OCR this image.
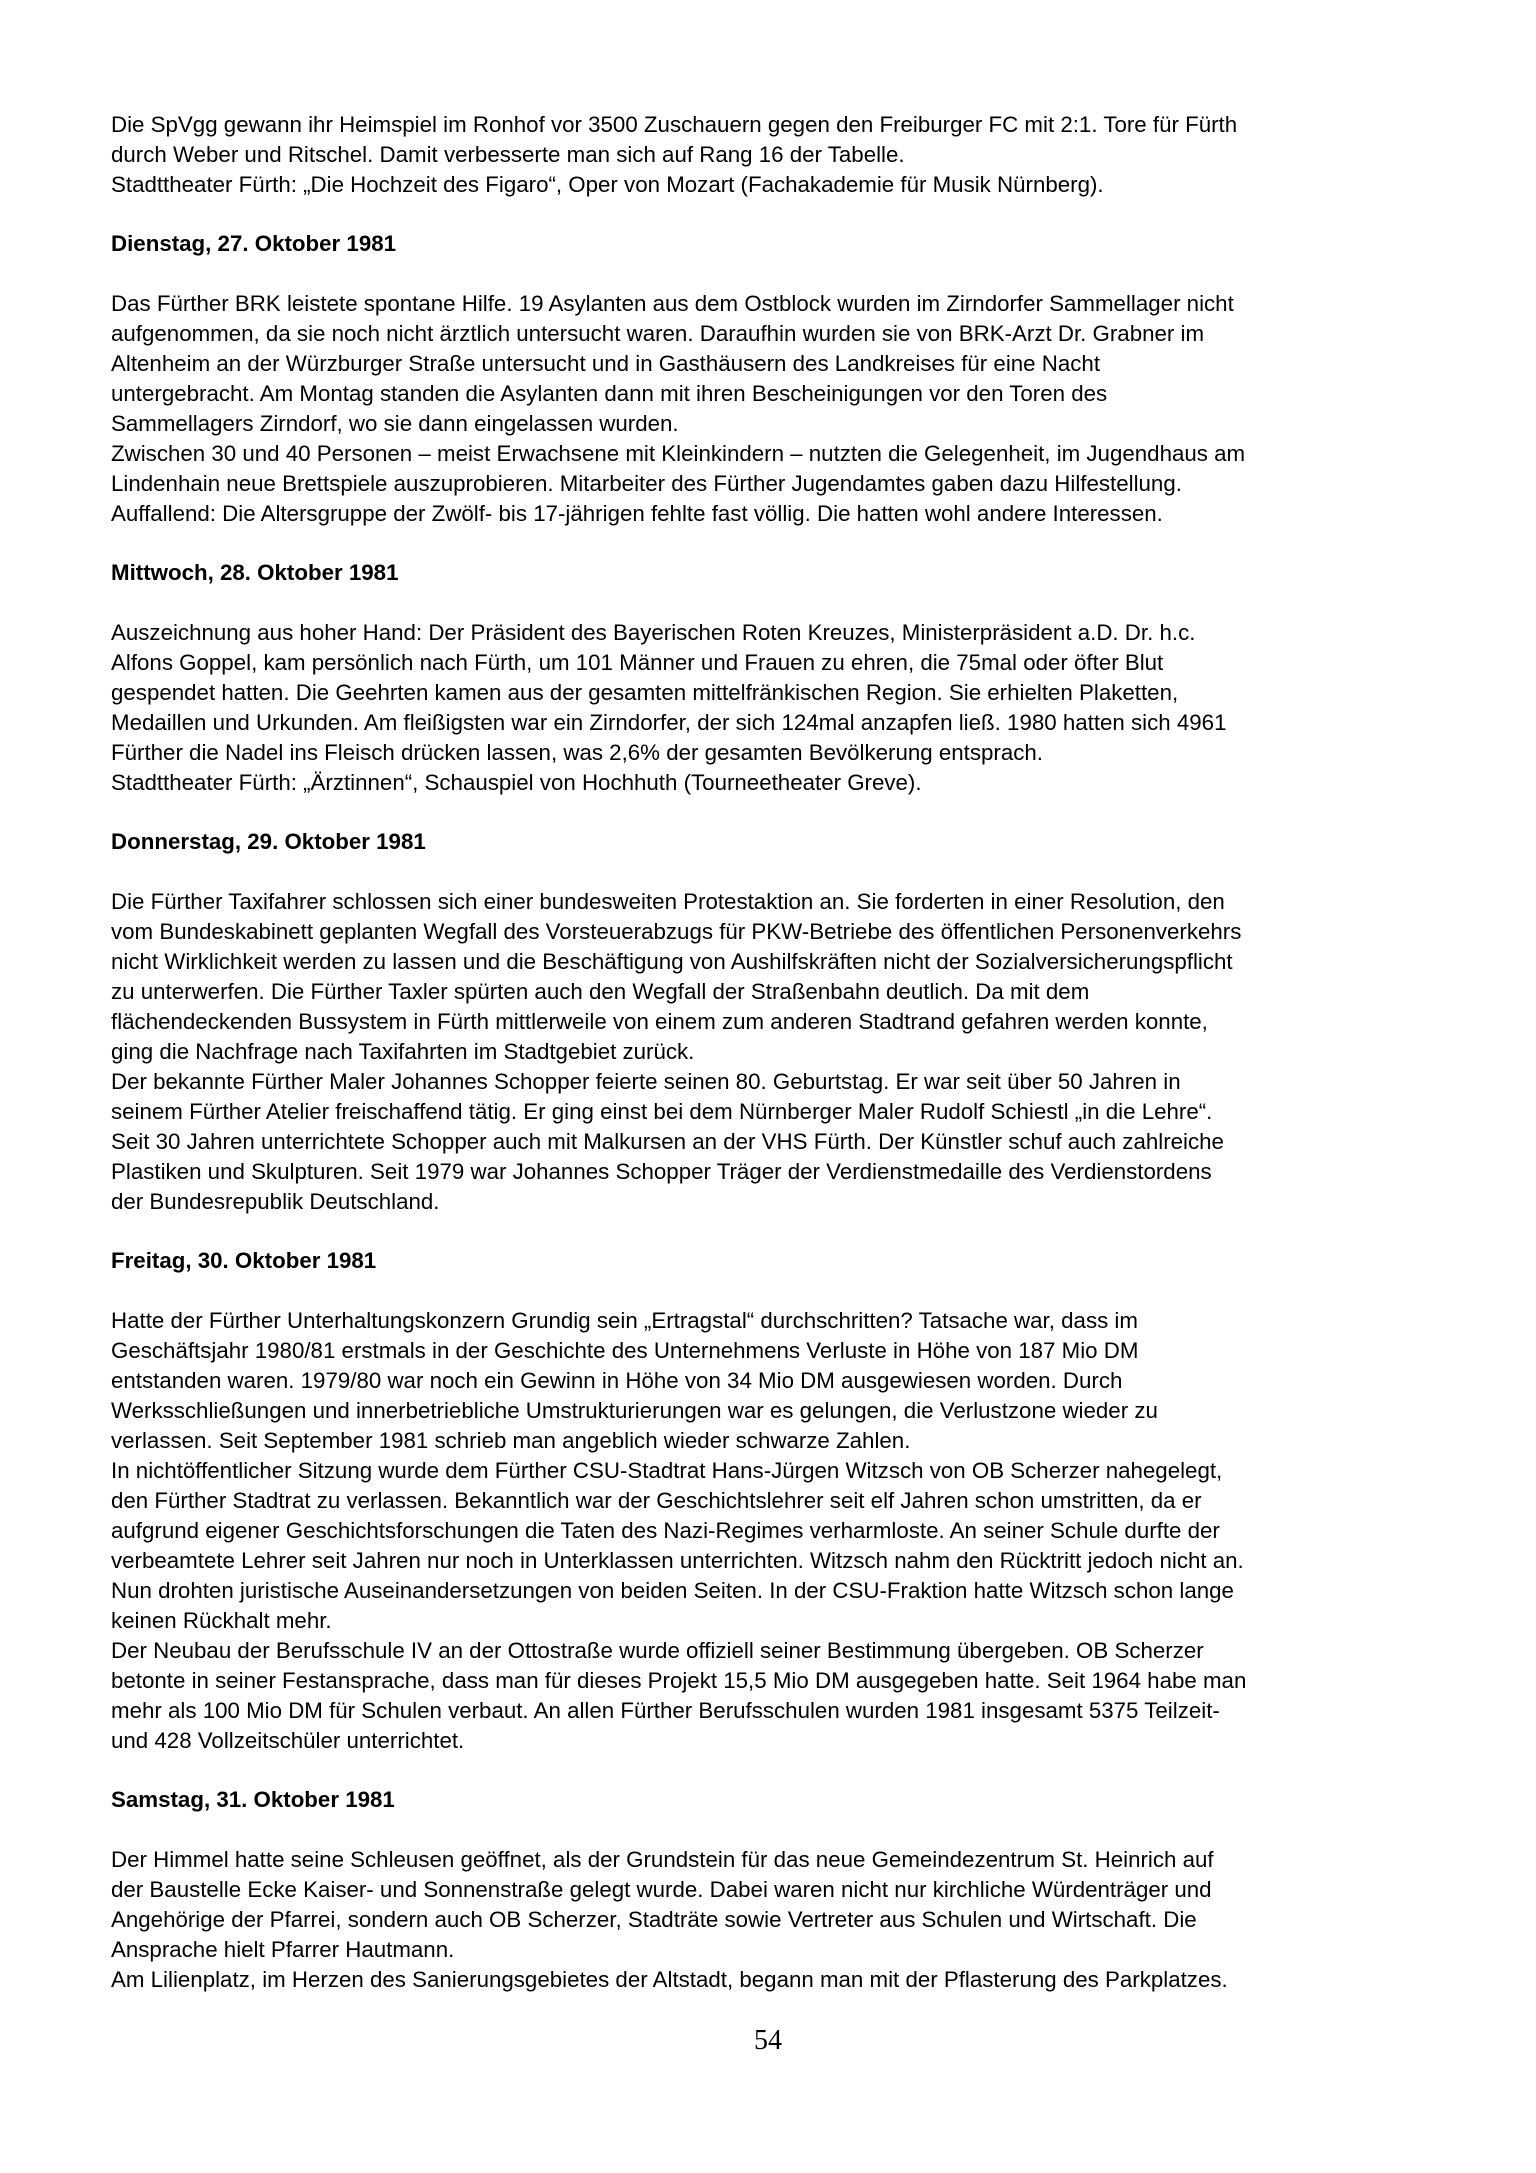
Die SpVgg gewann ihr Heimspiel im Ronhof vor 3500 Zuschauern gegen den Freiburger FC mit 2:1. Tore für Fürth

durch Weber und Ritschel. Damit verbesserte man sich auf Rang 16 der Tabelle.

Stadttheater Fürth: „Die Hochzeit des Figaro“, Oper von Mozart (Fachakademie für Musik Nürnberg).

Dienstag, 27. Oktober 1981

Das Fürther BRK leistete spontane Hilfe. 19 Asylanten aus dem Ostblock wurden im Zirndorfer Sammellager nicht

aufgenommen, da sie noch nicht ärztlich untersucht waren. Daraufhin wurden sie von BRK-Arzt Dr. Grabner im

Altenheim an der Würzburger Straße untersucht und in Gasthäusern des Landkreises für eine Nacht

untergebracht. Am Montag standen die Asylanten dann mit ihren Bescheinigungen vor den Toren des

Sammellagers Zirndorf, wo sie dann eingelassen wurden.

Zwischen 30 und 40 Personen – meist Erwachsene mit Kleinkindern – nutzten die Gelegenheit, im Jugendhaus am

Lindenhain neue Brettspiele auszuprobieren. Mitarbeiter des Fürther Jugendamtes gaben dazu Hilfestellung.

Auffallend: Die Altersgruppe der Zwölf- bis 17-jährigen fehlte fast völlig. Die hatten wohl andere Interessen.

Mittwoch, 28. Oktober 1981

Auszeichnung aus hoher Hand: Der Präsident des Bayerischen Roten Kreuzes, Ministerpräsident a.D. Dr. h.c.

Alfons Goppel, kam persönlich nach Fürth, um 101 Männer und Frauen zu ehren, die 75mal oder öfter Blut

gespendet hatten. Die Geehrten kamen aus der gesamten mittelfränkischen Region. Sie erhielten Plaketten,

Medaillen und Urkunden. Am fleißigsten war ein Zirndorfer, der sich 124mal anzapfen ließ. 1980 hatten sich 4961

Fürther die Nadel ins Fleisch drücken lassen, was 2,6% der gesamten Bevölkerung entsprach.

Stadttheater Fürth: „Ärztinnen“, Schauspiel von Hochhuth (Tourneetheater Greve).

Donnerstag, 29. Oktober 1981

Die Fürther Taxifahrer schlossen sich einer bundesweiten Protestaktion an. Sie forderten in einer Resolution, den

vom Bundeskabinett geplanten Wegfall des Vorsteuerabzugs für PKW-Betriebe des öffentlichen Personenverkehrs

nicht Wirklichkeit werden zu lassen und die Beschäftigung von Aushilfskräften nicht der Sozialversicherungspflicht

zu unterwerfen. Die Fürther Taxler spürten auch den Wegfall der Straßenbahn deutlich. Da mit dem

flächendeckenden Bussystem in Fürth mittlerweile von einem zum anderen Stadtrand gefahren werden konnte,

ging die Nachfrage nach Taxifahrten im Stadtgebiet zurück.

Der bekannte Fürther Maler Johannes Schopper feierte seinen 80. Geburtstag. Er war seit über 50 Jahren in

seinem Fürther Atelier freischaffend tätig. Er ging einst bei dem Nürnberger Maler Rudolf Schiestl „in die Lehre“.

Seit 30 Jahren unterrichtete Schopper auch mit Malkursen an der VHS Fürth. Der Künstler schuf auch zahlreiche

Plastiken und Skulpturen. Seit 1979 war Johannes Schopper Träger der Verdienstmedaille des Verdienstordens

der Bundesrepublik Deutschland.

Freitag, 30. Oktober 1981

Hatte der Fürther Unterhaltungskonzern Grundig sein „Ertragstal“ durchschritten? Tatsache war, dass im

Geschäftsjahr 1980/81 erstmals in der Geschichte des Unternehmens Verluste in Höhe von 187 Mio DM

entstanden waren. 1979/80 war noch ein Gewinn in Höhe von 34 Mio DM ausgewiesen worden. Durch

Werksschließungen und innerbetriebliche Umstrukturierungen war es gelungen, die Verlustzone wieder zu

verlassen. Seit September 1981 schrieb man angeblich wieder schwarze Zahlen.

In nichtöffentlicher Sitzung wurde dem Fürther CSU-Stadtrat Hans-Jürgen Witzsch von OB Scherzer nahegelegt,

den Fürther Stadtrat zu verlassen. Bekanntlich war der Geschichtslehrer seit elf Jahren schon umstritten, da er

aufgrund eigener Geschichtsforschungen die Taten des Nazi-Regimes verharmloste. An seiner Schule durfte der

verbeamtete Lehrer seit Jahren nur noch in Unterklassen unterrichten. Witzsch nahm den Rücktritt jedoch nicht an.

Nun drohten juristische Auseinandersetzungen von beiden Seiten. In der CSU-Fraktion hatte Witzsch schon lange

keinen Rückhalt mehr.

Der Neubau der Berufsschule IV an der Ottostraße wurde offiziell seiner Bestimmung übergeben. OB Scherzer

betonte in seiner Festansprache, dass man für dieses Projekt 15,5 Mio DM ausgegeben hatte. Seit 1964 habe man

mehr als 100 Mio DM für Schulen verbaut. An allen Fürther Berufsschulen wurden 1981 insgesamt 5375 Teilzeit-

und 428 Vollzeitschüler unterrichtet.

Samstag, 31. Oktober 1981

Der Himmel hatte seine Schleusen geöffnet, als der Grundstein für das neue Gemeindezentrum St. Heinrich auf

der Baustelle Ecke Kaiser- und Sonnenstraße gelegt wurde. Dabei waren nicht nur kirchliche Würdenträger und

Angehörige der Pfarrei, sondern auch OB Scherzer, Stadträte sowie Vertreter aus Schulen und Wirtschaft. Die

Ansprache hielt Pfarrer Hautmann.

Am Lilienplatz, im Herzen des Sanierungsgebietes der Altstadt, begann man mit der Pflasterung des Parkplatzes.

54
